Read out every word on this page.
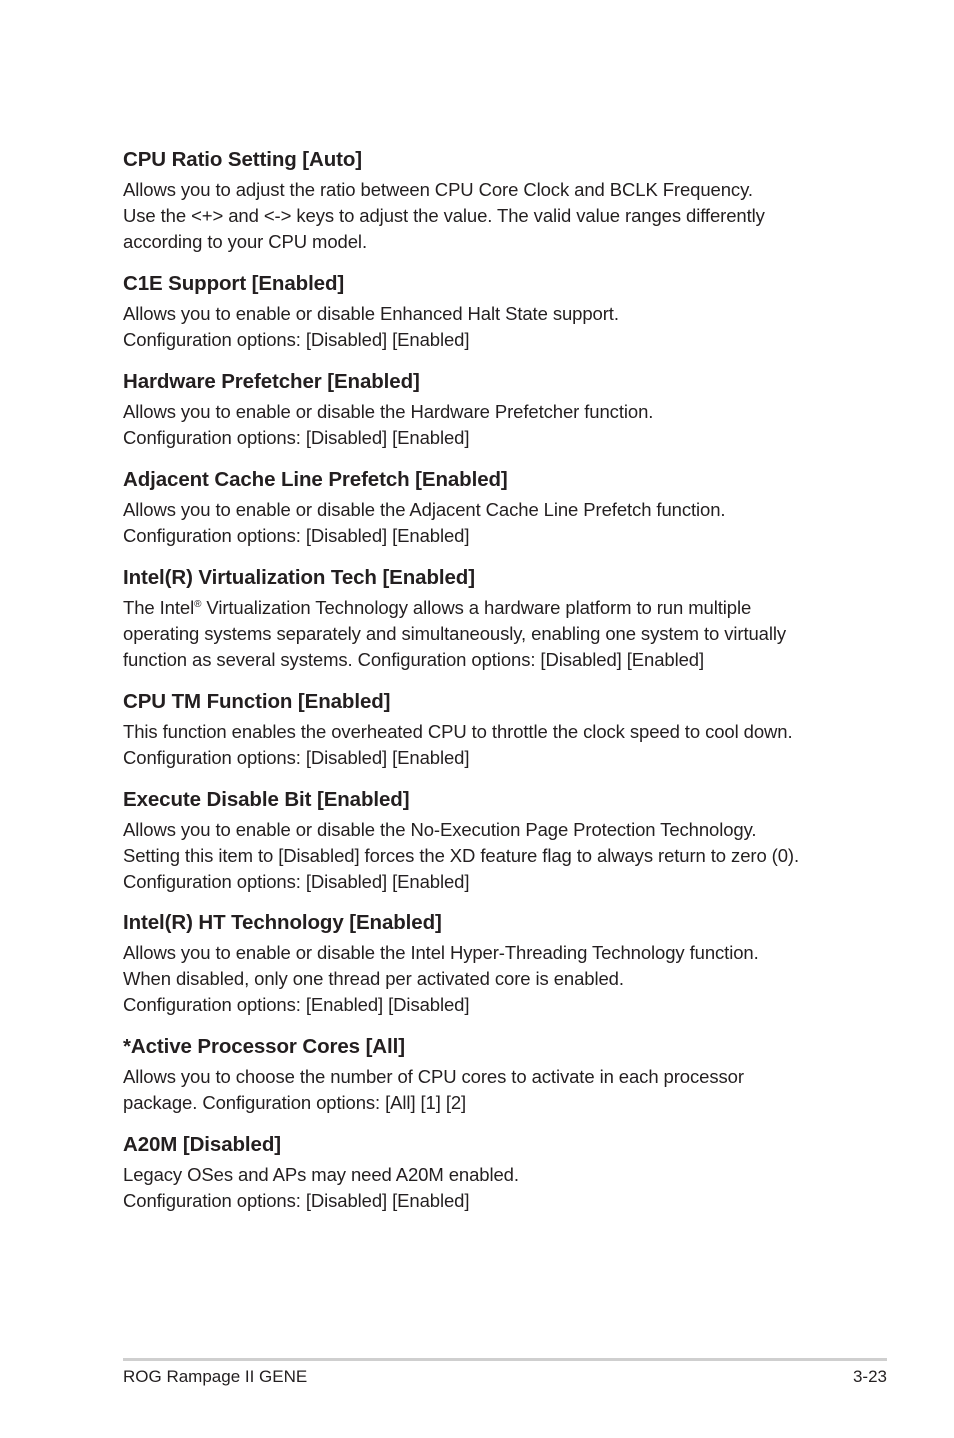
CPU Ratio Setting [Auto]

Allows you to adjust the ratio between CPU Core Clock and BCLK Frequency.
Use the <+> and <-> keys to adjust the value. The valid value ranges differently
according to your CPU model.

C1E Support [Enabled]

Allows you to enable or disable Enhanced Halt State support.
Configuration options: [Disabled] [Enabled]

Hardware Prefetcher [Enabled]

Allows you to enable or disable the Hardware Prefetcher function.
Configuration options: [Disabled] [Enabled]

Adjacent Cache Line Prefetch [Enabled]

Allows you to enable or disable the Adjacent Cache Line Prefetch function.
Configuration options: [Disabled] [Enabled]

Intel(R) Virtualization Tech [Enabled]

The Intel® Virtualization Technology allows a hardware platform to run multiple
operating systems separately and simultaneously, enabling one system to virtually
function as several systems. Configuration options: [Disabled] [Enabled]

CPU TM Function [Enabled]

This function enables the overheated CPU to throttle the clock speed to cool down.
Configuration options: [Disabled] [Enabled]

Execute Disable Bit [Enabled]

Allows you to enable or disable the No-Execution Page Protection Technology.
Setting this item to [Disabled] forces the XD feature flag to always return to zero (0).
Configuration options: [Disabled] [Enabled]

Intel(R) HT Technology [Enabled]

Allows you to enable or disable the Intel Hyper-Threading Technology function.
When disabled, only one thread per activated core is enabled.
Configuration options: [Enabled] [Disabled]

*Active Processor Cores [All]

Allows you to choose the number of CPU cores to activate in each processor
package. Configuration options: [All] [1] [2]

A20M [Disabled]

Legacy OSes and APs may need A20M enabled.
Configuration options: [Disabled] [Enabled]

ROG Rampage II GENE	3-23
